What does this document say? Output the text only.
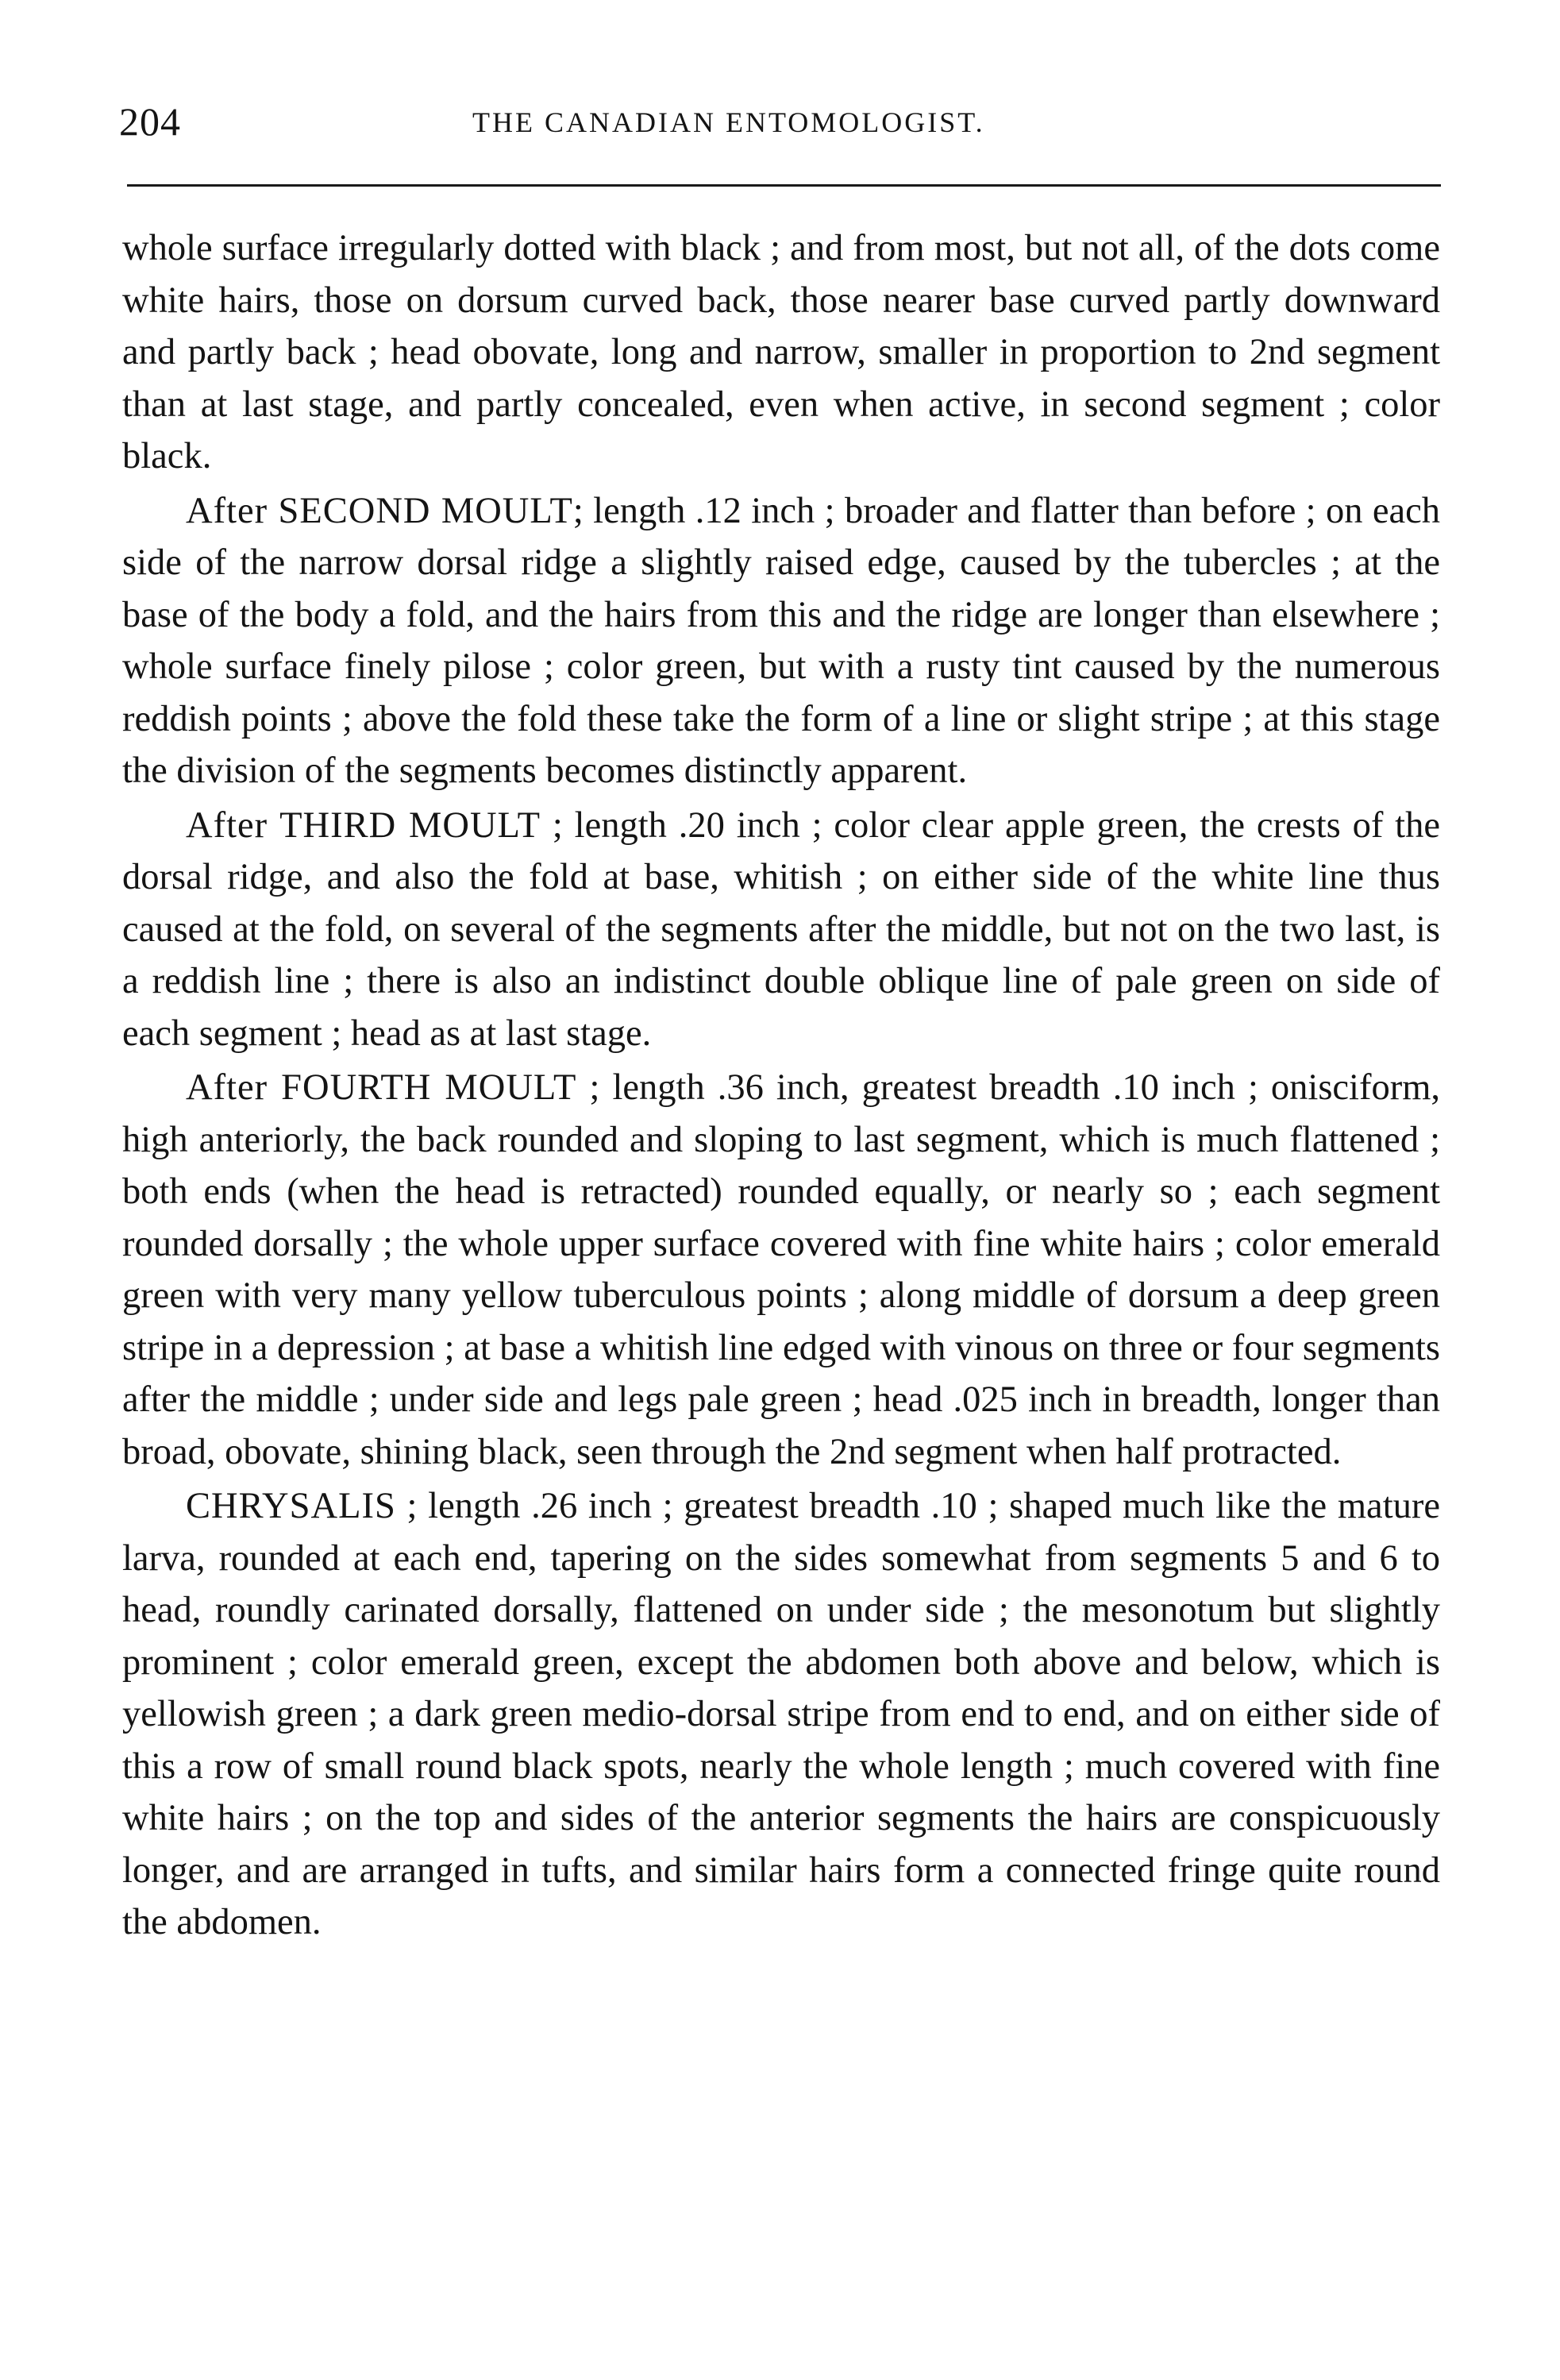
204	THE CANADIAN ENTOMOLOGIST.

whole surface irregularly dotted with black ; and from most, but not all, of the dots come white hairs, those on dorsum curved back, those nearer base curved partly downward and partly back ; head obovate, long and narrow, smaller in proportion to 2nd segment than at last stage, and partly concealed, even when active, in second segment ; color black.

After SECOND MOULT; length .12 inch ; broader and flatter than before ; on each side of the narrow dorsal ridge a slightly raised edge, caused by the tubercles ; at the base of the body a fold, and the hairs from this and the ridge are longer than elsewhere ; whole surface finely pilose ; color green, but with a rusty tint caused by the numerous reddish points ; above the fold these take the form of a line or slight stripe ; at this stage the division of the segments becomes distinctly apparent.

After THIRD MOULT ; length .20 inch ; color clear apple green, the crests of the dorsal ridge, and also the fold at base, whitish ; on either side of the white line thus caused at the fold, on several of the segments after the middle, but not on the two last, is a reddish line ; there is also an indistinct double oblique line of pale green on side of each segment ; head as at last stage.

After FOURTH MOULT ; length .36 inch, greatest breadth .10 inch ; onisciform, high anteriorly, the back rounded and sloping to last segment, which is much flattened ; both ends (when the head is retracted) rounded equally, or nearly so ; each segment rounded dorsally ; the whole upper surface covered with fine white hairs ; color emerald green with very many yellow tuberculous points ; along middle of dorsum a deep green stripe in a depression ; at base a whitish line edged with vinous on three or four segments after the middle ; under side and legs pale green ; head .025 inch in breadth, longer than broad, obovate, shining black, seen through the 2nd segment when half protracted.

CHRYSALIS ; length .26 inch ; greatest breadth .10 ; shaped much like the mature larva, rounded at each end, tapering on the sides somewhat from segments 5 and 6 to head, roundly carinated dorsally, flattened on under side ; the mesonotum but slightly prominent ; color emerald green, except the abdomen both above and below, which is yellowish green ; a dark green medio-dorsal stripe from end to end, and on either side of this a row of small round black spots, nearly the whole length ; much covered with fine white hairs ; on the top and sides of the anterior segments the hairs are conspicuously longer, and are arranged in tufts, and similar hairs form a connected fringe quite round the abdomen.
